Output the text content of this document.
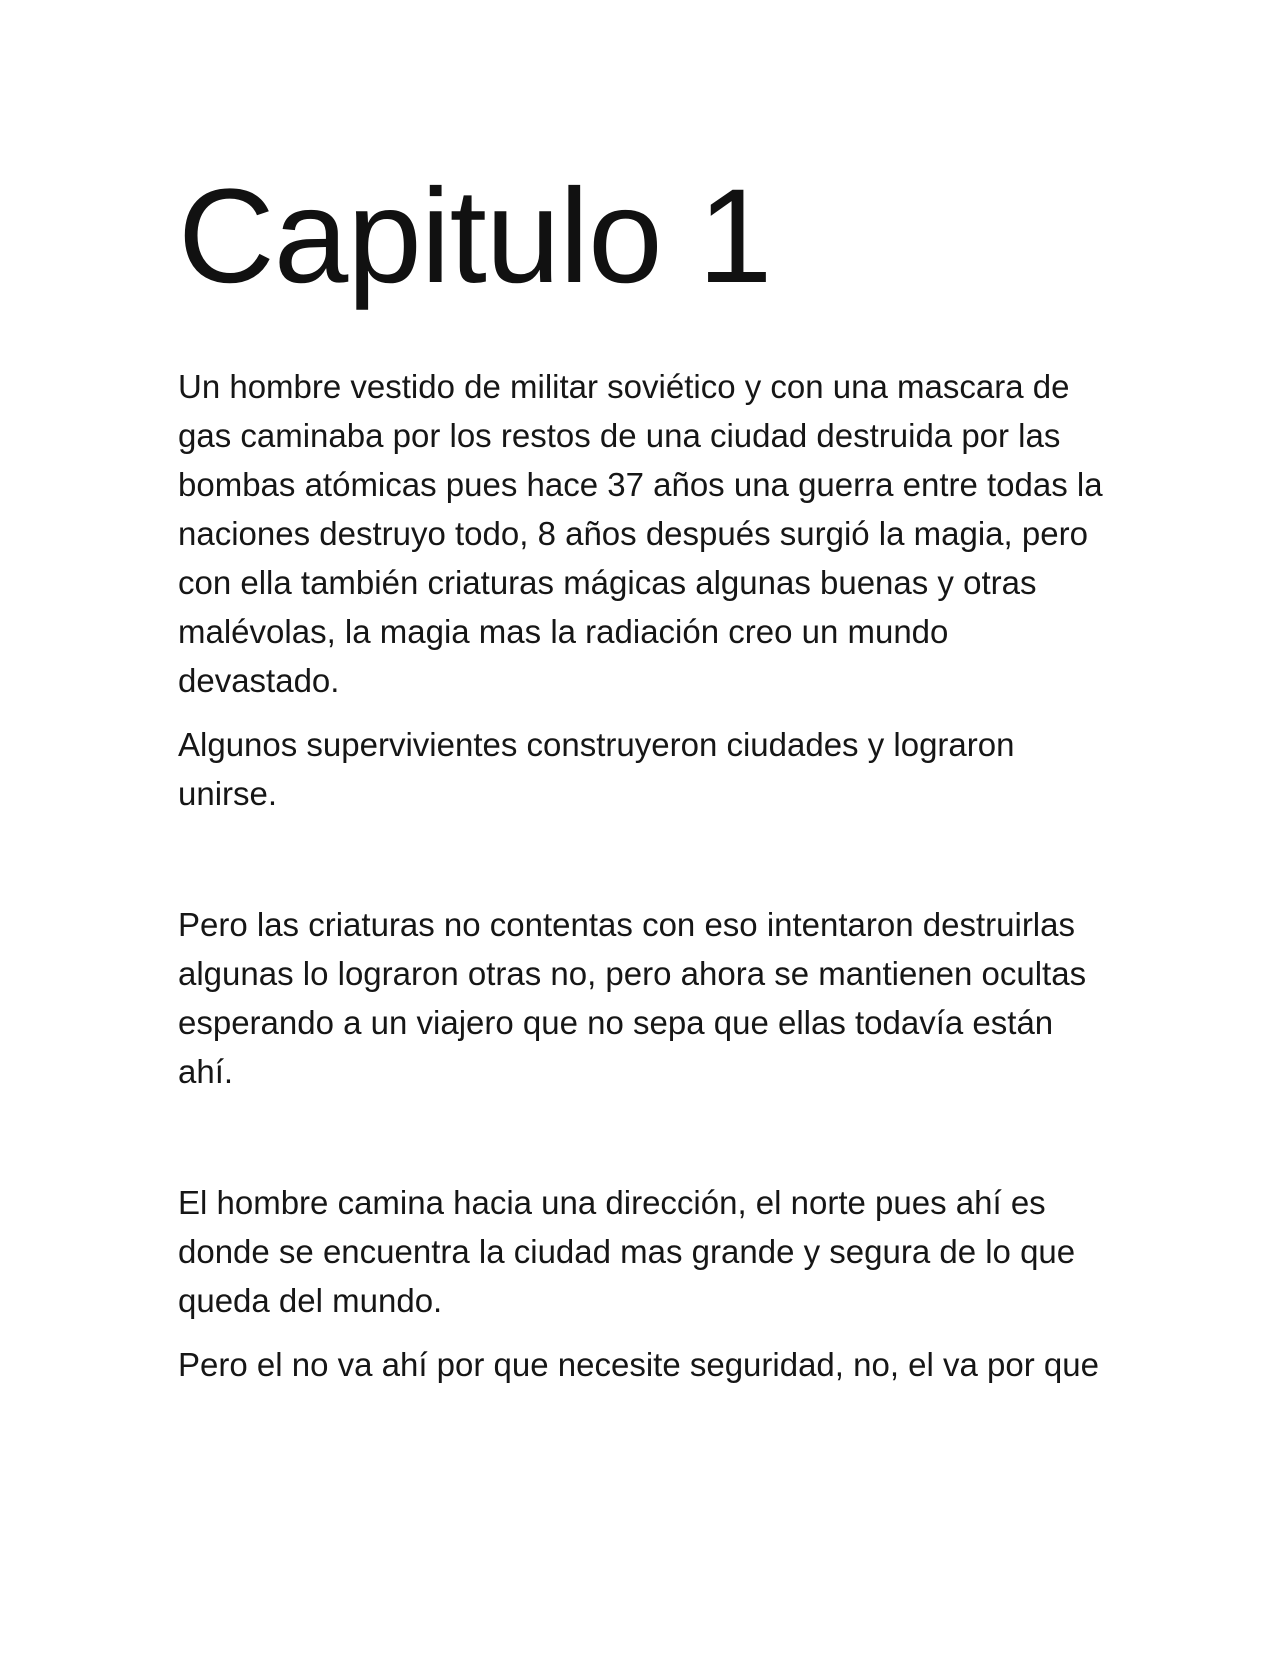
Capitulo 1

Un hombre vestido de militar soviético y con una mascara de gas caminaba por los restos de una ciudad destruida por las bombas atómicas pues hace 37 años una guerra entre todas la naciones destruyo todo, 8 años después surgió la magia, pero con ella también criaturas mágicas algunas buenas y otras malévolas, la magia mas la radiación creo un mundo devastado.

Algunos supervivientes construyeron ciudades y lograron unirse.

Pero las criaturas no contentas con eso intentaron destruirlas algunas lo lograron otras no, pero ahora se mantienen ocultas esperando a un viajero que no sepa que ellas todavía están ahí.

El hombre camina hacia una dirección, el norte pues ahí es donde se encuentra la ciudad mas grande y segura de lo que queda del mundo.

Pero el no va ahí por que necesite seguridad, no, el va por que
